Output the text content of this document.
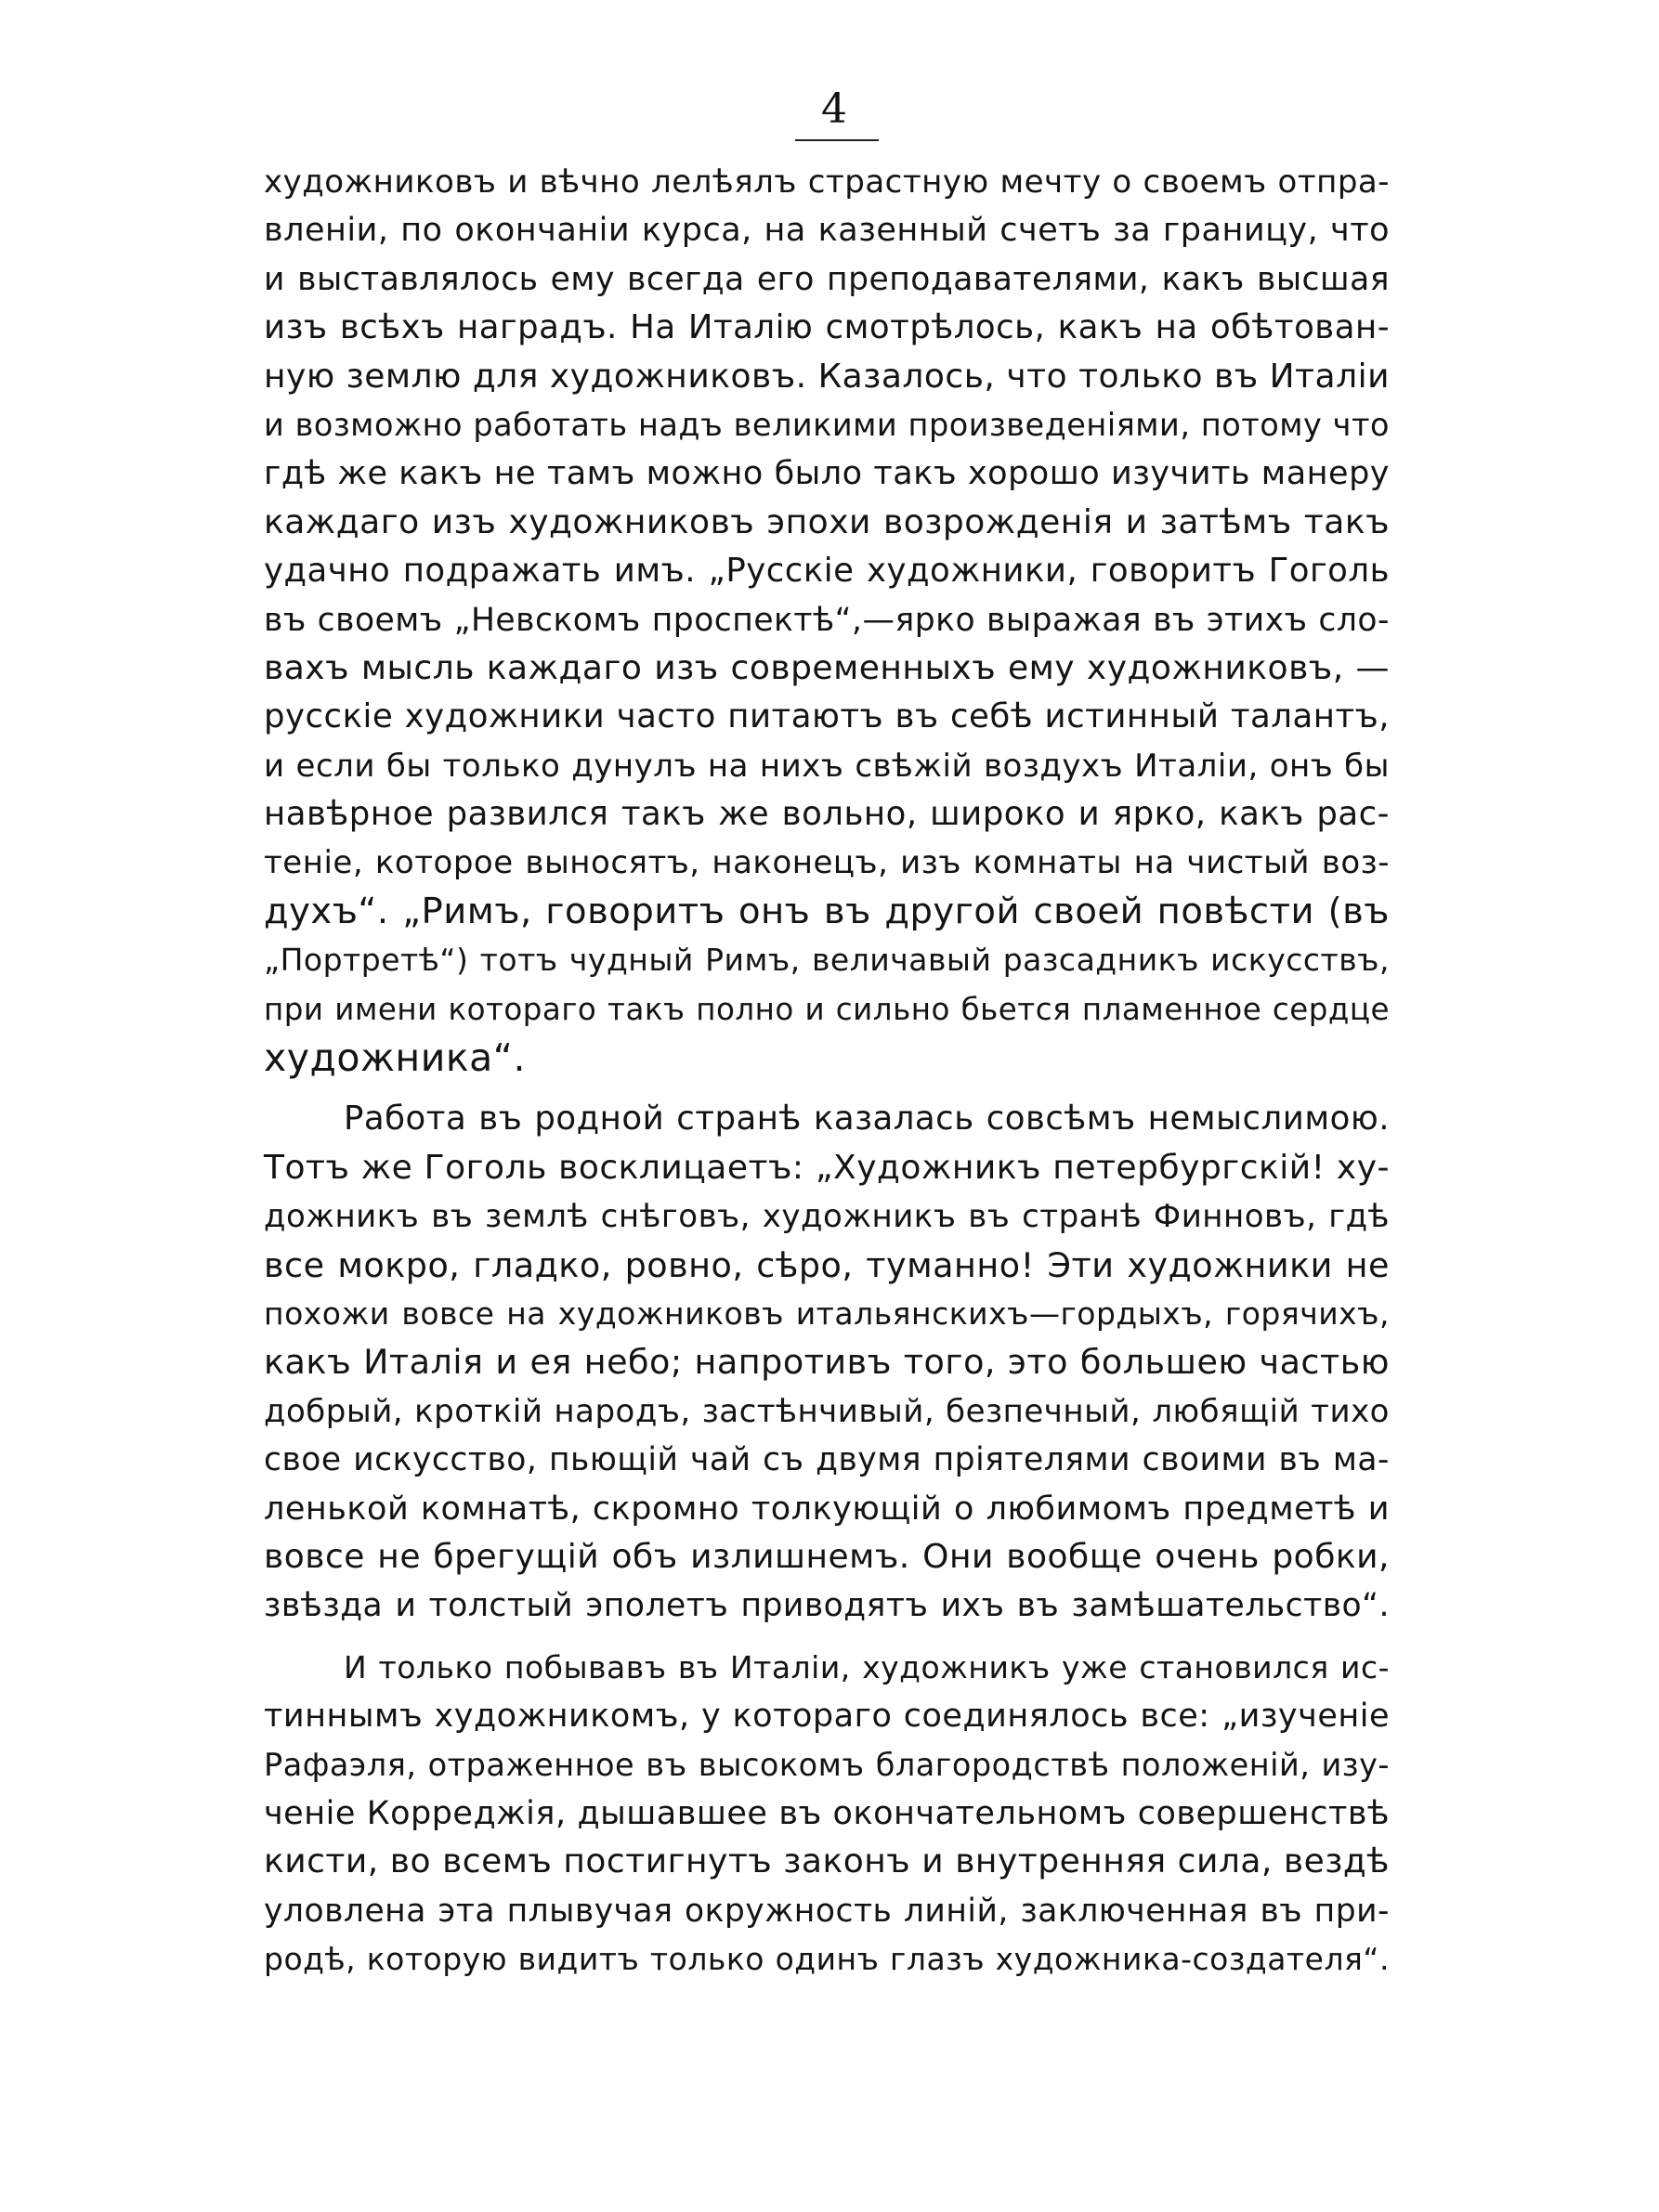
4
художниковъ и вѣчно лелѣялъ страстную мечту о своемъ отпра-
вленіи, по окончаніи курса, на казенный счетъ за границу, что
и выставлялось ему всегда его преподавателями, какъ высшая
изъ всѣхъ наградъ. На Италію смотрѣлось, какъ на обѣтован-
ную землю для художниковъ. Казалось, что только въ Италіи
и возможно работать надъ великими произведеніями, потому что
гдѣ же какъ не тамъ можно было такъ хорошо изучить манеру
каждаго изъ художниковъ эпохи возрожденія и затѣмъ такъ
удачно подражать имъ. „Русскіе художники, говоритъ Гоголь
въ своемъ „Невскомъ проспектѣ“,—ярко выражая въ этихъ сло-
вахъ мысль каждаго изъ современныхъ ему художниковъ, —
русскіе художники часто питаютъ въ себѣ истинный талантъ,
и если бы только дунулъ на нихъ свѣжій воздухъ Италіи, онъ бы
навѣрное развился такъ же вольно, широко и ярко, какъ рас-
теніе, которое выносятъ, наконецъ, изъ комнаты на чистый воз-
духъ“. „Римъ, говоритъ онъ въ другой своей повѣсти (въ
„Портретѣ“) тотъ чудный Римъ, величавый разсадникъ искусствъ,
при имени котораго такъ полно и сильно бьется пламенное сердце
художника“.
Работа въ родной странѣ казалась совсѣмъ немыслимою.
Тотъ же Гоголь восклицаетъ: „Художникъ петербургскій! ху-
дожникъ въ землѣ снѣговъ, художникъ въ странѣ Финновъ, гдѣ
все мокро, гладко, ровно, сѣро, туманно! Эти художники не
похожи вовсе на художниковъ итальянскихъ—гордыхъ, горячихъ,
какъ Италія и ея небо; напротивъ того, это большею частью
добрый, кроткій народъ, застѣнчивый, безпечный, любящій тихо
свое искусство, пьющій чай съ двумя пріятелями своими въ ма-
ленькой комнатѣ, скромно толкующій о любимомъ предметѣ и
вовсе не брегущій объ излишнемъ. Они вообще очень робки,
звѣзда и толстый эполетъ приводятъ ихъ въ замѣшательство“.
И только побывавъ въ Италіи, художникъ уже становился ис-
тиннымъ художникомъ, у котораго соединялось все: „изученіе
Рафаэля, отраженное въ высокомъ благородствѣ положеній, изу-
ченіе Корреджія, дышавшее въ окончательномъ совершенствѣ
кисти, во всемъ постигнутъ законъ и внутренняя сила, вездѣ
уловлена эта плывучая окружность линій, заключенная въ при-
родѣ, которую видитъ только одинъ глазъ художника-создателя“.
